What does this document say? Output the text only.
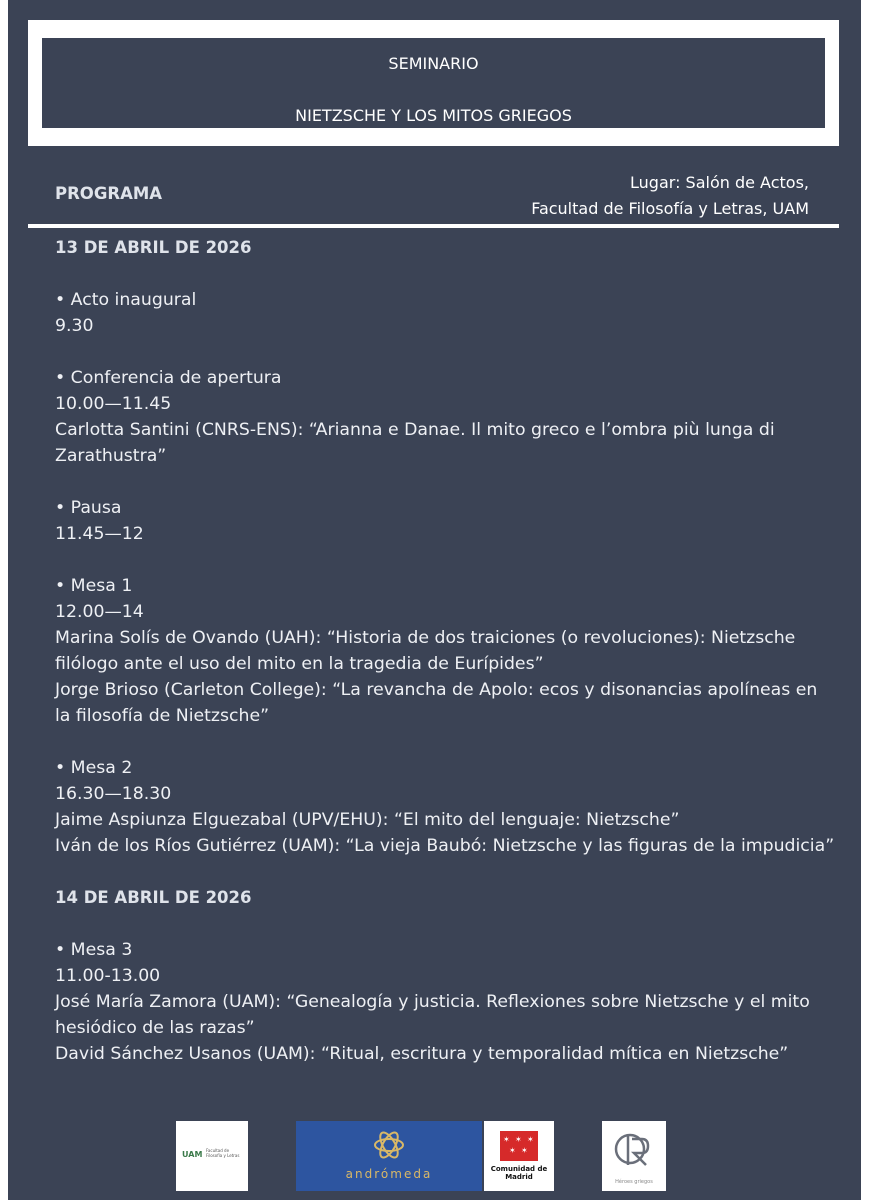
SEMINARIO
NIETZSCHE Y LOS MITOS GRIEGOS
PROGRAMA
Lugar: Salón de Actos,
Facultad de Filosofía y Letras, UAM
13 DE ABRIL DE 2026
• Acto inaugural
9.30
• Conferencia de apertura
10.00—11.45
Carlotta Santini (CNRS-ENS): “Arianna e Danae. Il mito greco e l’ombra più lunga di Zarathustra”
• Pausa
11.45—12
• Mesa 1
12.00—14
Marina Solís de Ovando (UAH): “Historia de dos traiciones (o revoluciones): Nietzsche filólogo ante el uso del mito en la tragedia de Eurípides”
Jorge Brioso (Carleton College): “La revancha de Apolo: ecos y disonancias apolíneas en la filosofía de Nietzsche”
• Mesa 2
16.30—18.30
Jaime Aspiunza Elguezabal (UPV/EHU): “El mito del lenguaje: Nietzsche”
Iván de los Ríos Gutiérrez (UAM): “La vieja Baubó: Nietzsche y las figuras de la impudicia”
14 DE ABRIL DE 2026
• Mesa 3
11.00-13.00
José María Zamora (UAM): “Genealogía y justicia. Reflexiones sobre Nietzsche y el mito hesiódico de las razas”
David Sánchez Usanos (UAM): “Ritual, escritura y temporalidad mítica en Nietzsche”
UAM Facultad de Filosofía y Letras
andrómeda
✶ ✶ ✶
✶ ✶
Comunidad de Madrid
Héroes griegos
